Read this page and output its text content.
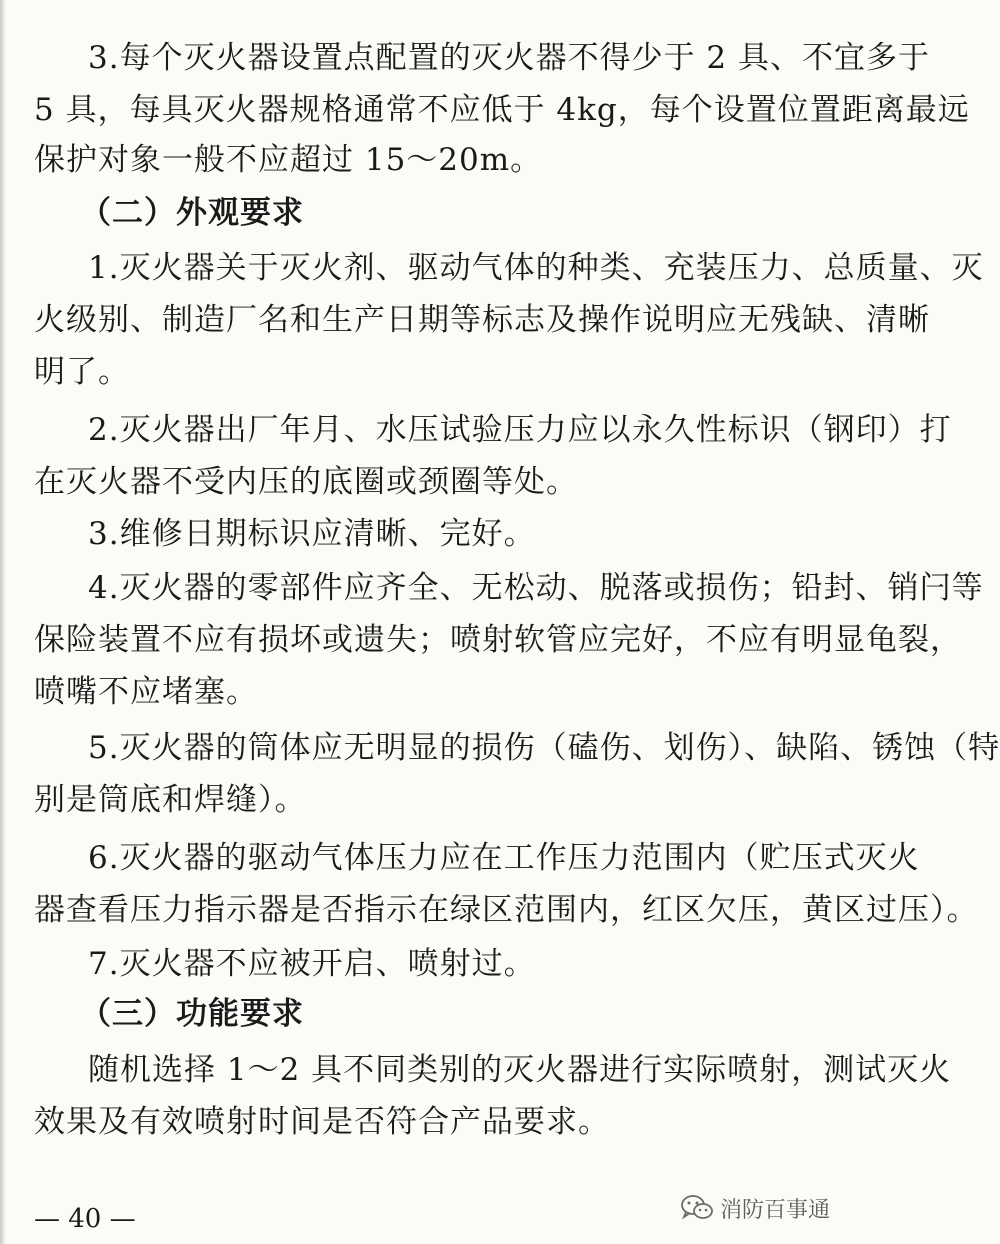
3.每个灭火器设置点配置的灭火器不得少于 2 具、不宜多于
5 具，每具灭火器规格通常不应低于 4kg，每个设置位置距离最远
保护对象一般不应超过 15～20m。
（二）外观要求
1.灭火器关于灭火剂、驱动气体的种类、充装压力、总质量、灭
火级别、制造厂名和生产日期等标志及操作说明应无残缺、清晰
明了。
2.灭火器出厂年月、水压试验压力应以永久性标识（钢印）打
在灭火器不受内压的底圈或颈圈等处。
3.维修日期标识应清晰、完好。
4.灭火器的零部件应齐全、无松动、脱落或损伤；铅封、销闩等
保险装置不应有损坏或遗失；喷射软管应完好，不应有明显龟裂，
喷嘴不应堵塞。
5.灭火器的筒体应无明显的损伤（磕伤、划伤）、缺陷、锈蚀（特
别是筒底和焊缝）。
6.灭火器的驱动气体压力应在工作压力范围内（贮压式灭火
器查看压力指示器是否指示在绿区范围内，红区欠压，黄区过压）。
7.灭火器不应被开启、喷射过。
（三）功能要求
随机选择 1～2 具不同类别的灭火器进行实际喷射，测试灭火
效果及有效喷射时间是否符合产品要求。
— 40 —	消防百事通
